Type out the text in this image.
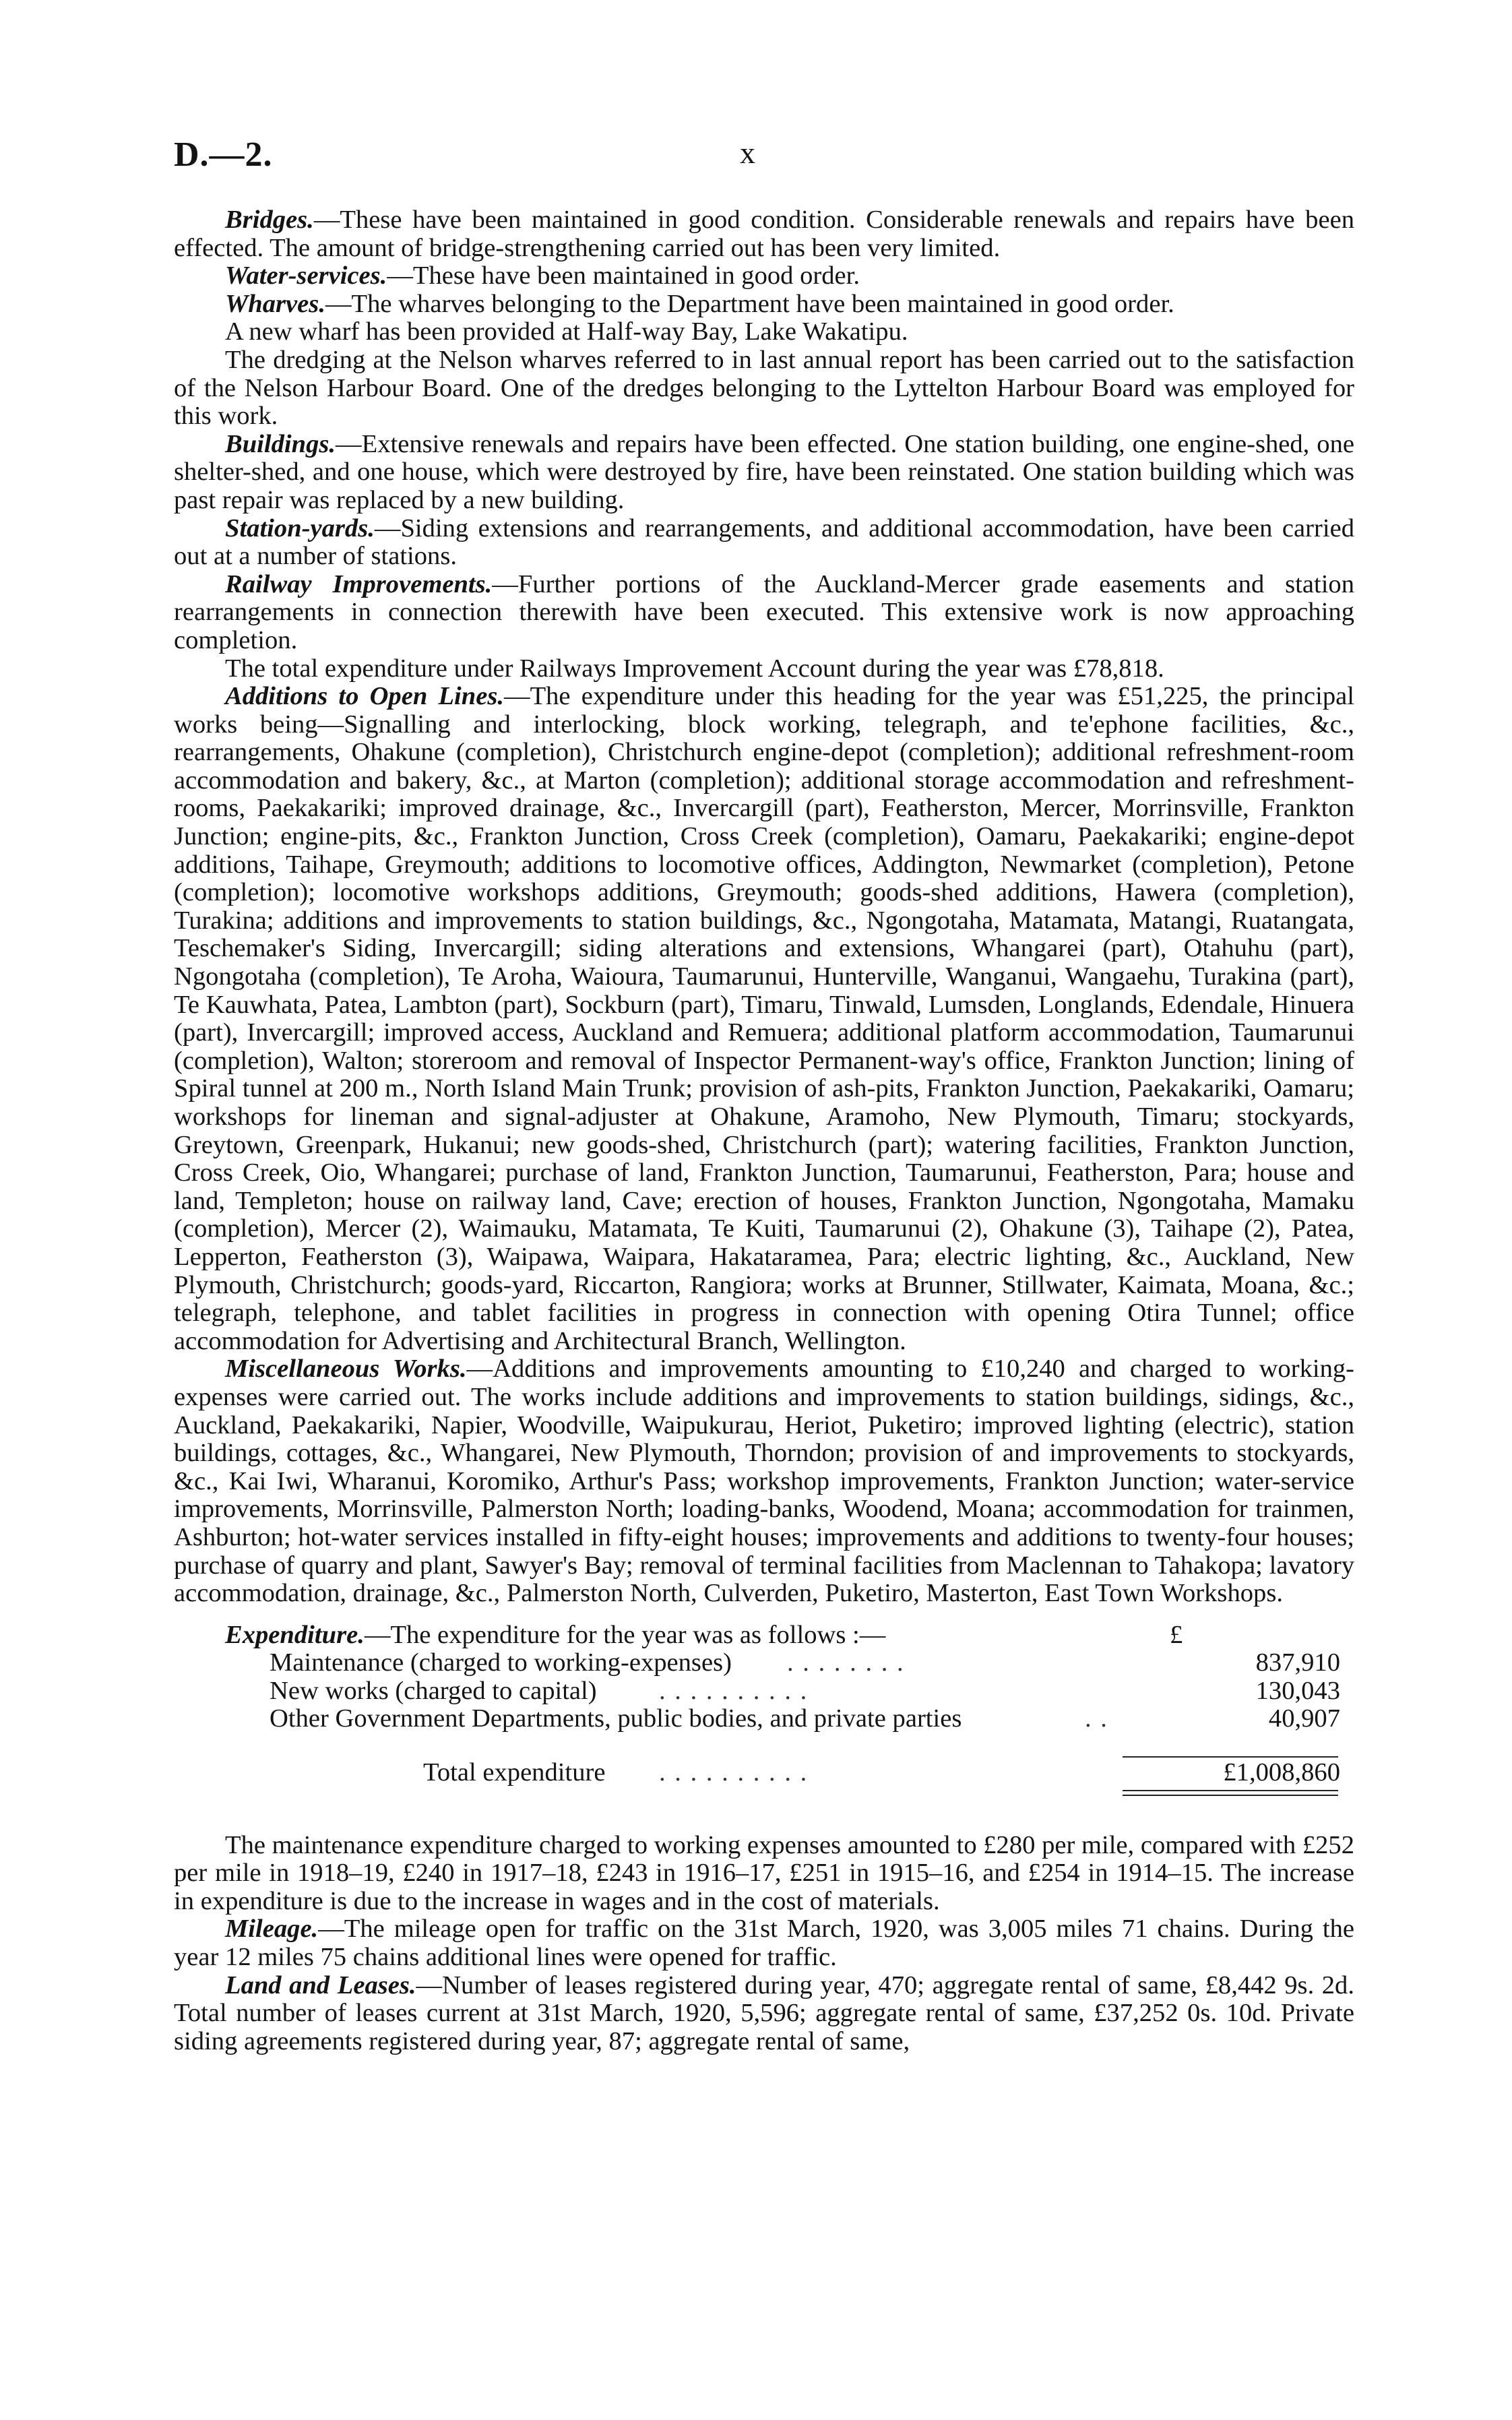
D.—2.	x

Bridges.—These have been maintained in good condition. Considerable renewals and repairs have been effected. The amount of bridge-strengthening carried out has been very limited.

Water-services.—These have been maintained in good order.

Wharves.—The wharves belonging to the Department have been maintained in good order.

A new wharf has been provided at Half-way Bay, Lake Wakatipu.

The dredging at the Nelson wharves referred to in last annual report has been carried out to the satisfaction of the Nelson Harbour Board. One of the dredges belonging to the Lyttelton Harbour Board was employed for this work.

Buildings.—Extensive renewals and repairs have been effected. One station building, one engine-shed, one shelter-shed, and one house, which were destroyed by fire, have been reinstated. One station building which was past repair was replaced by a new building.

Station-yards.—Siding extensions and rearrangements, and additional accommodation, have been carried out at a number of stations.

Railway Improvements.—Further portions of the Auckland-Mercer grade easements and station rearrangements in connection therewith have been executed. This extensive work is now approaching completion.

The total expenditure under Railways Improvement Account during the year was £78,818.

Additions to Open Lines.—The expenditure under this heading for the year was £51,225, the principal works being—Signalling and interlocking, block working, telegraph, and te'ephone facilities, &c., rearrangements, Ohakune (completion), Christchurch engine-depot (completion); additional refreshment-room accommodation and bakery, &c., at Marton (completion); additional storage accommodation and refreshment-rooms, Paekakariki; improved drainage, &c., Invercargill (part), Featherston, Mercer, Morrinsville, Frankton Junction; engine-pits, &c., Frankton Junction, Cross Creek (completion), Oamaru, Paekakariki; engine-depot additions, Taihape, Greymouth; additions to locomotive offices, Addington, Newmarket (completion), Petone (completion); locomotive workshops additions, Greymouth; goods-shed additions, Hawera (completion), Turakina; additions and improvements to station buildings, &c., Ngongotaha, Matamata, Matangi, Ruatangata, Teschemaker's Siding, Invercargill; siding alterations and extensions, Whangarei (part), Otahuhu (part), Ngongotaha (completion), Te Aroha, Waioura, Taumarunui, Hunterville, Wanganui, Wangaehu, Turakina (part), Te Kauwhata, Patea, Lambton (part), Sockburn (part), Timaru, Tinwald, Lumsden, Longlands, Edendale, Hinuera (part), Invercargill; improved access, Auckland and Remuera; additional platform accommodation, Taumarunui (completion), Walton; storeroom and removal of Inspector Permanent-way's office, Frankton Junction; lining of Spiral tunnel at 200 m., North Island Main Trunk; provision of ash-pits, Frankton Junction, Paekakariki, Oamaru; workshops for lineman and signal-adjuster at Ohakune, Aramoho, New Plymouth, Timaru; stockyards, Greytown, Greenpark, Hukanui; new goods-shed, Christchurch (part); watering facilities, Frankton Junction, Cross Creek, Oio, Whangarei; purchase of land, Frankton Junction, Taumarunui, Featherston, Para; house and land, Templeton; house on railway land, Cave; erection of houses, Frankton Junction, Ngongotaha, Mamaku (completion), Mercer (2), Waimauku, Matamata, Te Kuiti, Taumarunui (2), Ohakune (3), Taihape (2), Patea, Lepperton, Featherston (3), Waipawa, Waipara, Hakataramea, Para; electric lighting, &c., Auckland, New Plymouth, Christchurch; goods-yard, Riccarton, Rangiora; works at Brunner, Stillwater, Kaimata, Moana, &c.; telegraph, telephone, and tablet facilities in progress in connection with opening Otira Tunnel; office accommodation for Advertising and Architectural Branch, Wellington.

Miscellaneous Works.—Additions and improvements amounting to £10,240 and charged to working-expenses were carried out. The works include additions and improvements to station buildings, sidings, &c., Auckland, Paekakariki, Napier, Woodville, Waipukurau, Heriot, Puketiro; improved lighting (electric), station buildings, cottages, &c., Whangarei, New Plymouth, Thorndon; provision of and improvements to stockyards, &c., Kai Iwi, Wharanui, Koromiko, Arthur's Pass; workshop improvements, Frankton Junction; water-service improvements, Morrinsville, Palmerston North; loading-banks, Woodend, Moana; accommodation for trainmen, Ashburton; hot-water services installed in fifty-eight houses; improvements and additions to twenty-four houses; purchase of quarry and plant, Sawyer's Bay; removal of terminal facilities from Maclennan to Tahakopa; lavatory accommodation, drainage, &c., Palmerston North, Culverden, Puketiro, Masterton, East Town Workshops.

Expenditure.—The expenditure for the year was as follows :—	£
Maintenance (charged to working-expenses) . . . . . . . .	837,910
New works (charged to capital) . . . . . . . . . .	130,043
Other Government Departments, public bodies, and private parties	. .	40,907
Total expenditure . . . . . . . . . .	£1,008,860

The maintenance expenditure charged to working expenses amounted to £280 per mile, compared with £252 per mile in 1918–19, £240 in 1917–18, £243 in 1916–17, £251 in 1915–16, and £254 in 1914–15. The increase in expenditure is due to the increase in wages and in the cost of materials.

Mileage.—The mileage open for traffic on the 31st March, 1920, was 3,005 miles 71 chains. During the year 12 miles 75 chains additional lines were opened for traffic.

Land and Leases.—Number of leases registered during year, 470; aggregate rental of same, £8,442 9s. 2d. Total number of leases current at 31st March, 1920, 5,596; aggregate rental of same, £37,252 0s. 10d. Private siding agreements registered during year, 87; aggregate rental of same,
